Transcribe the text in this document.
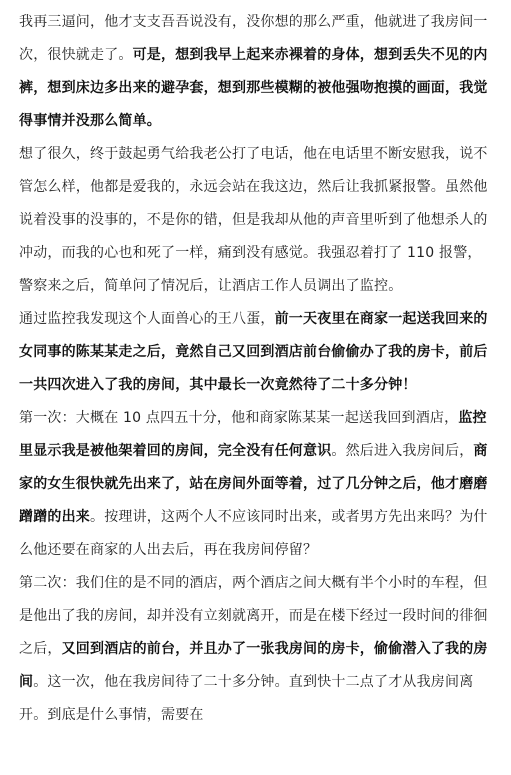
我再三逼问，他才支支吾吾说没有，没你想的那么严重，他就进了我房间一次，很快就走了。可是，想到我早上起来赤裸着的身体，想到丢失不见的内裤，想到床边多出来的避孕套，想到那些模糊的被他强吻抱摸的画面，我觉得事情并没那么简单。

想了很久，终于鼓起勇气给我老公打了电话，他在电话里不断安慰我，说不管怎么样，他都是爱我的，永远会站在我这边，然后让我抓紧报警。虽然他说着没事的没事的，不是你的错，但是我却从他的声音里听到了他想杀人的冲动，而我的心也和死了一样，痛到没有感觉。我强忍着打了 110 报警，警察来之后，简单问了情况后，让酒店工作人员调出了监控。

通过监控我发现这个人面兽心的王八蛋，前一天夜里在商家一起送我回来的女同事的陈某某走之后，竟然自己又回到酒店前台偷偷办了我的房卡，前后一共四次进入了我的房间，其中最长一次竟然待了二十多分钟！

第一次：大概在 10 点四五十分，他和商家陈某某一起送我回到酒店，监控里显示我是被他架着回的房间，完全没有任何意识。然后进入我房间后，商家的女生很快就先出来了，站在房间外面等着，过了几分钟之后，他才磨磨蹭蹭的出来。按理讲，这两个人不应该同时出来，或者男方先出来吗？为什么他还要在商家的人出去后，再在我房间停留？

第二次：我们住的是不同的酒店，两个酒店之间大概有半个小时的车程，但是他出了我的房间，却并没有立刻就离开，而是在楼下经过一段时间的徘徊之后，又回到酒店的前台，并且办了一张我房间的房卡，偷偷潜入了我的房间。这一次，他在我房间待了二十多分钟。直到快十二点了才从我房间离开。到底是什么事情，需要在
